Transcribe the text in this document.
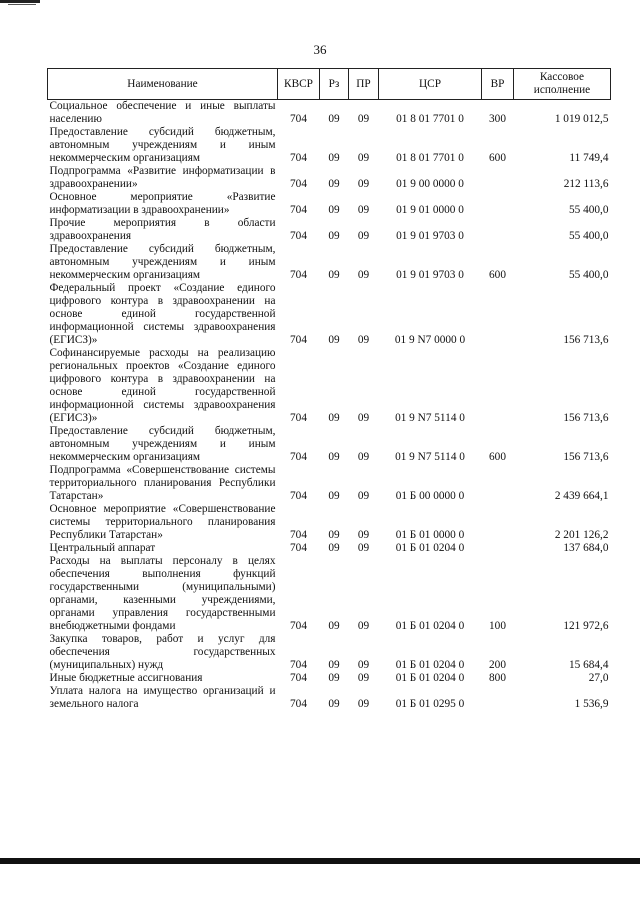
36
Наименование	КВСР	Рз	ПР	ЦСР	ВР	Кассовое исполнение
Социальное обеспечение и иные выплаты населению	704	09	09	01 8 01 7701 0	300	1 019 012,5
Предоставление субсидий бюджетным, автономным учреждениям и иным некоммерческим организациям	704	09	09	01 8 01 7701 0	600	11 749,4
Подпрограмма «Развитие информатизации в здравоохранении»	704	09	09	01 9 00 0000 0		212 113,6
Основное мероприятие «Развитие информатизации в здравоохранении»	704	09	09	01 9 01 0000 0		55 400,0
Прочие мероприятия в области здравоохранения	704	09	09	01 9 01 9703 0		55 400,0
Предоставление субсидий бюджетным, автономным учреждениям и иным некоммерческим организациям	704	09	09	01 9 01 9703 0	600	55 400,0
Федеральный проект «Создание единого цифрового контура в здравоохранении на основе единой государственной информационной системы здравоохранения (ЕГИСЗ)»	704	09	09	01 9 N7 0000 0		156 713,6
Софинансируемые расходы на реализацию региональных проектов «Создание единого цифрового контура в здравоохранении на основе единой государственной информационной системы здравоохранения (ЕГИСЗ)»	704	09	09	01 9 N7 5114 0		156 713,6
Предоставление субсидий бюджетным, автономным учреждениям и иным некоммерческим организациям	704	09	09	01 9 N7 5114 0	600	156 713,6
Подпрограмма «Совершенствование системы территориального планирования Республики Татарстан»	704	09	09	01 Б 00 0000 0		2 439 664,1
Основное мероприятие «Совершенствование системы территориального планирования Республики Татарстан»	704	09	09	01 Б 01 0000 0		2 201 126,2
Центральный аппарат	704	09	09	01 Б 01 0204 0		137 684,0
Расходы на выплаты персоналу в целях обеспечения выполнения функций государственными (муниципальными) органами, казенными учреждениями, органами управления государственными внебюджетными фондами	704	09	09	01 Б 01 0204 0	100	121 972,6
Закупка товаров, работ и услуг для обеспечения государственных (муниципальных) нужд	704	09	09	01 Б 01 0204 0	200	15 684,4
Иные бюджетные ассигнования	704	09	09	01 Б 01 0204 0	800	27,0
Уплата налога на имущество организаций и земельного налога	704	09	09	01 Б 01 0295 0		1 536,9
